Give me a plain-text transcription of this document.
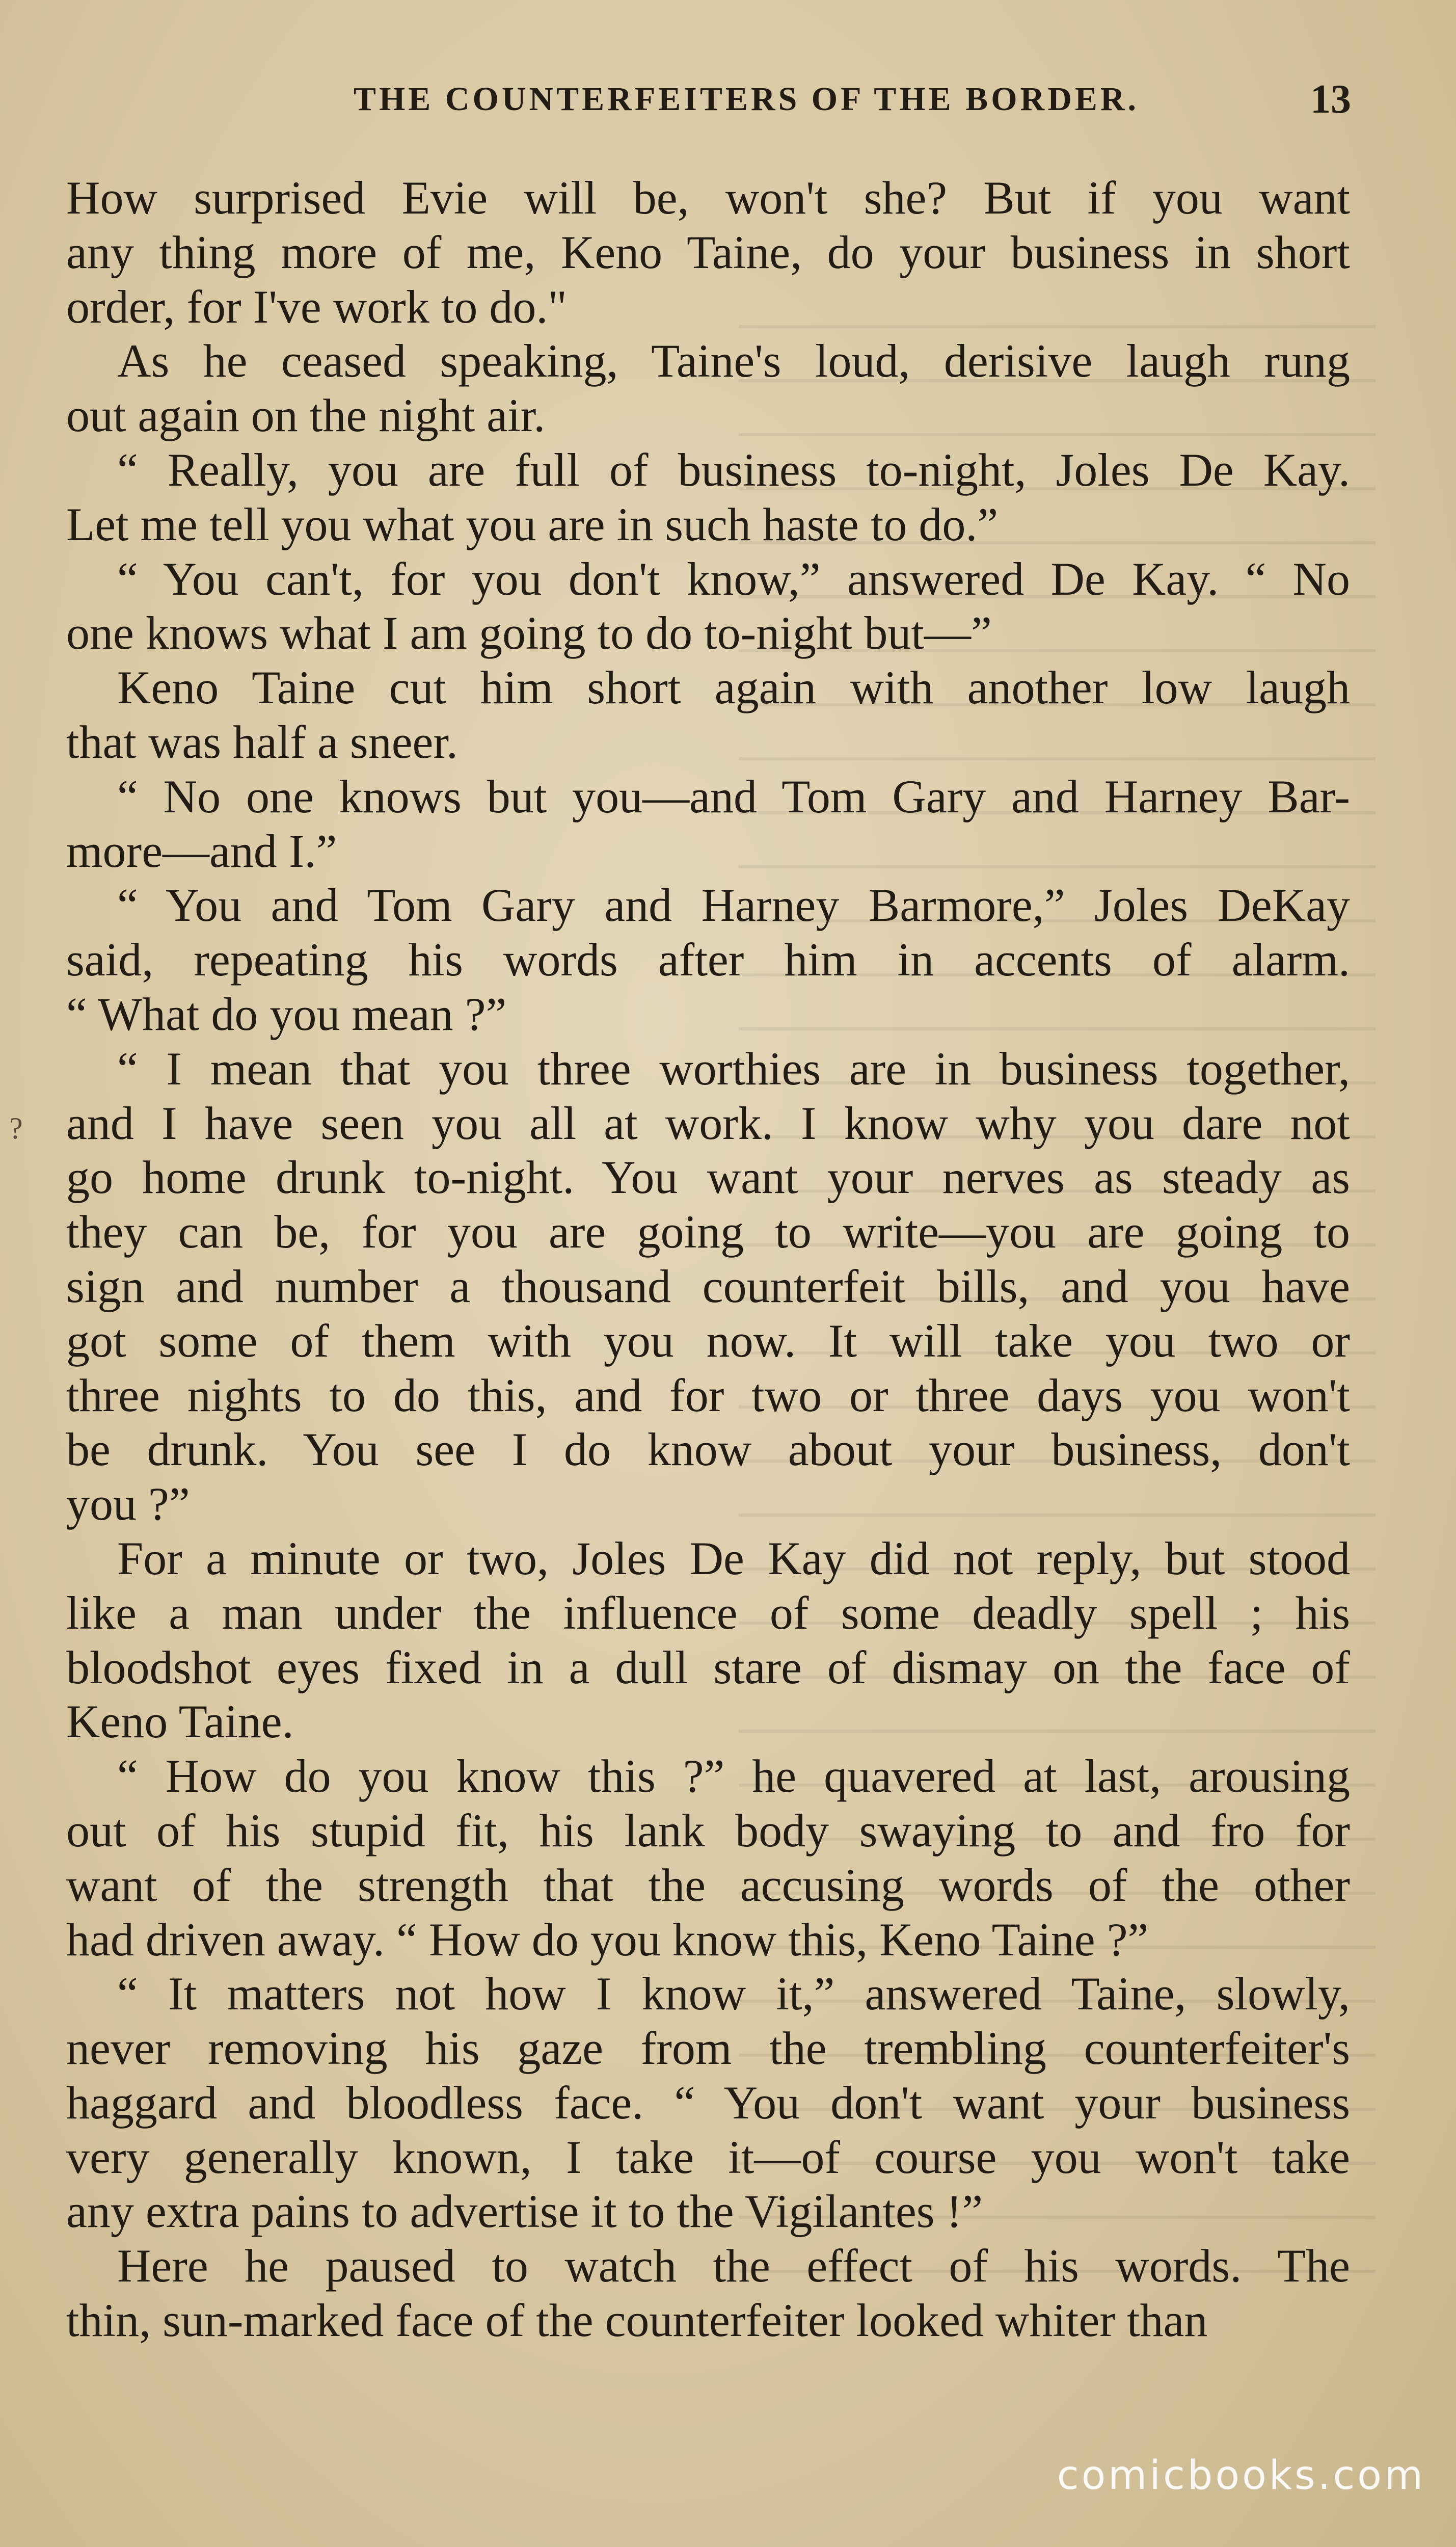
THE COUNTERFEITERS OF THE BORDER.	13
?

How surprised Evie will be, won't she? But if you want

any thing more of me, Keno Taine, do your business in short

order, for I've work to do."

As he ceased speaking, Taine's loud, derisive laugh rung

out again on the night air.

“ Really, you are full of business to-night, Joles De Kay.

Let me tell you what you are in such haste to do.”

“ You can't, for you don't know,” answered De Kay. “ No

one knows what I am going to do to-night but—”

Keno Taine cut him short again with another low laugh

that was half a sneer.

“ No one knows but you—and Tom Gary and Harney Bar-

more—and I.”

“ You and Tom Gary and Harney Barmore,” Joles DeKay

said, repeating his words after him in accents of alarm.

“ What do you mean ?”

“ I mean that you three worthies are in business together,

and I have seen you all at work. I know why you dare not

go home drunk to-night. You want your nerves as steady as

they can be, for you are going to write—you are going to

sign and number a thousand counterfeit bills, and you have

got some of them with you now. It will take you two or

three nights to do this, and for two or three days you won't

be drunk. You see I do know about your business, don't

you ?”

For a minute or two, Joles De Kay did not reply, but stood

like a man under the influence of some deadly spell ; his

bloodshot eyes fixed in a dull stare of dismay on the face of

Keno Taine.

“ How do you know this ?” he quavered at last, arousing

out of his stupid fit, his lank body swaying to and fro for

want of the strength that the accusing words of the other

had driven away. “ How do you know this, Keno Taine ?”

“ It matters not how I know it,” answered Taine, slowly,

never removing his gaze from the trembling counterfeiter's

haggard and bloodless face. “ You don't want your business

very generally known, I take it—of course you won't take

any extra pains to advertise it to the Vigilantes !”

Here he paused to watch the effect of his words. The

thin, sun-marked face of the counterfeiter looked whiter than

comicbooks.com
